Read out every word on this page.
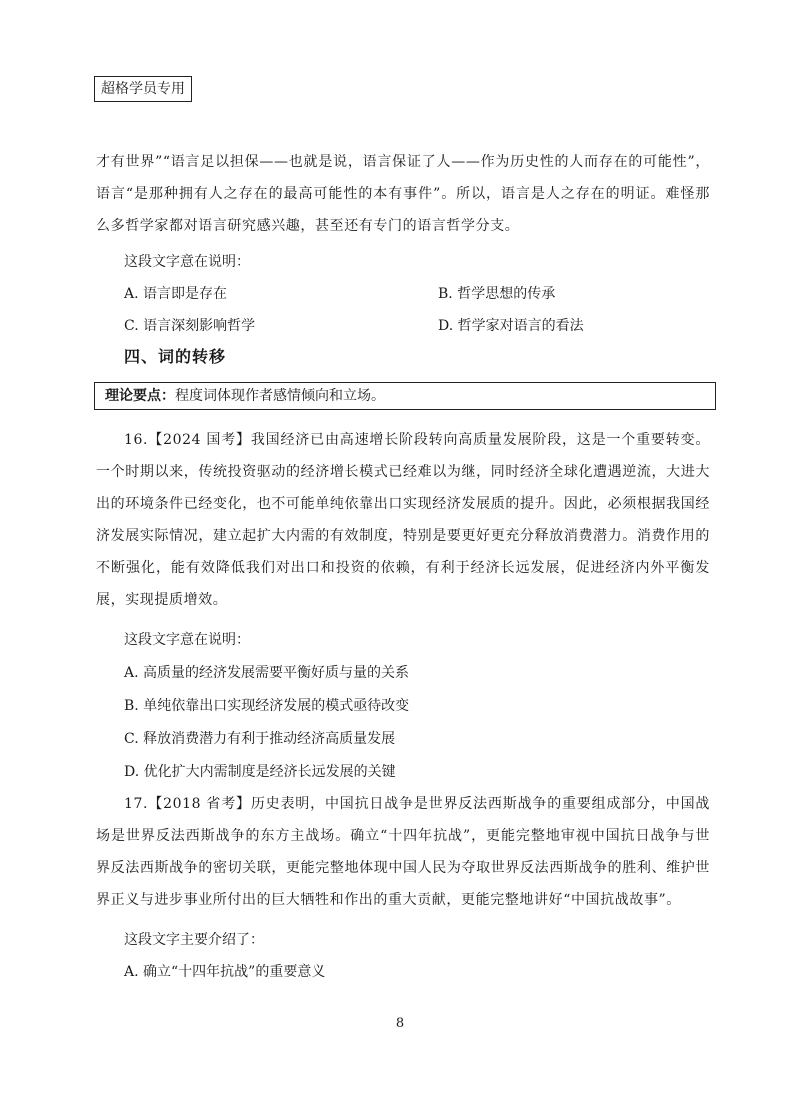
超格学员专用

才有世界”“语言足以担保——也就是说，语言保证了人——作为历史性的人而存在的可能性”，语言“是那种拥有人之存在的最高可能性的本有事件”。所以，语言是人之存在的明证。难怪那么多哲学家都对语言研究感兴趣，甚至还有专门的语言哲学分支。

这段文字意在说明：

A. 语言即是存在	B. 哲学思想的传承

C. 语言深刻影响哲学	D. 哲学家对语言的看法

四、词的转移
理论要点：程度词体现作者感情倾向和立场。

16.【2024 国考】我国经济已由高速增长阶段转向高质量发展阶段，这是一个重要转变。一个时期以来，传统投资驱动的经济增长模式已经难以为继，同时经济全球化遭遇逆流，大进大出的环境条件已经变化，也不可能单纯依靠出口实现经济发展质的提升。因此，必须根据我国经济发展实际情况，建立起扩大内需的有效制度，特别是要更好更充分释放消费潜力。消费作用的不断强化，能有效降低我们对出口和投资的依赖，有利于经济长远发展，促进经济内外平衡发展，实现提质增效。

这段文字意在说明：

A. 高质量的经济发展需要平衡好质与量的关系

B. 单纯依靠出口实现经济发展的模式亟待改变

C. 释放消费潜力有利于推动经济高质量发展

D. 优化扩大内需制度是经济长远发展的关键

17.【2018 省考】历史表明，中国抗日战争是世界反法西斯战争的重要组成部分，中国战场是世界反法西斯战争的东方主战场。确立“十四年抗战”，更能完整地审视中国抗日战争与世界反法西斯战争的密切关联，更能完整地体现中国人民为夺取世界反法西斯战争的胜利、维护世界正义与进步事业所付出的巨大牺牲和作出的重大贡献，更能完整地讲好“中国抗战故事”。

这段文字主要介绍了：

A. 确立“十四年抗战”的重要意义

8
